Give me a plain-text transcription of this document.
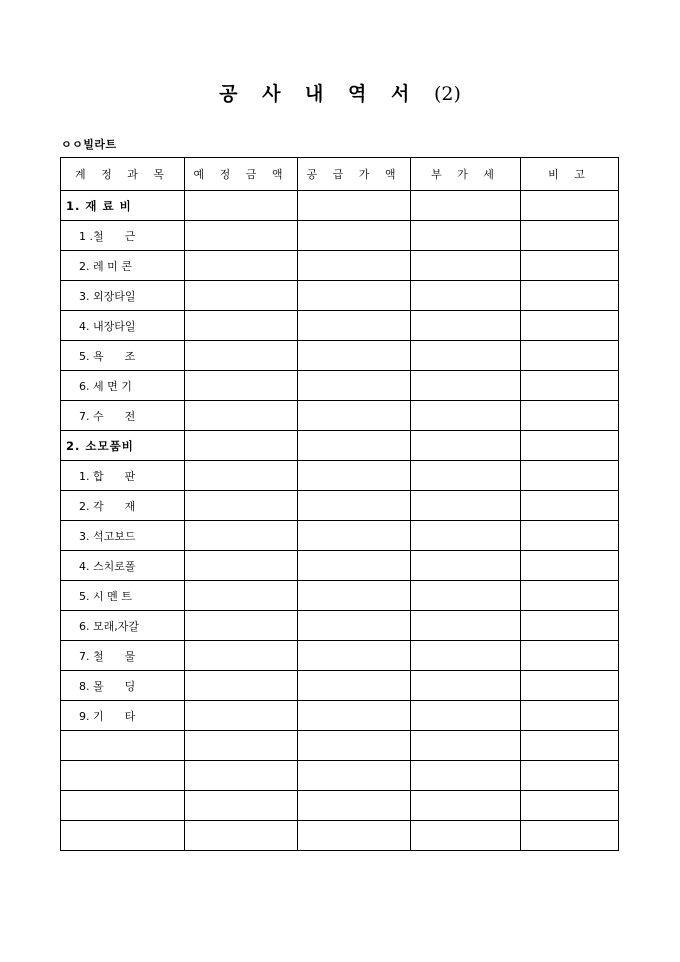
공 사 내 역 서 (2)
ㅇㅇ빌라트
계 정 과 목	예 정 금 액	공 급 가 액	부 가 세	비 고
1. 재 료 비				
1 .철      근				
2. 레 미 콘				
3. 외장타일				
4. 내장타일				
5. 욕      조				
6. 세 면 기				
7. 수      전				
2. 소모품비				
1. 합      판				
2. 각      재				
3. 석고보드				
4. 스치로폴				
5. 시 멘 트				
6. 모래,자갈				
7. 철      물				
8. 몰      딩				
9. 기      타				
